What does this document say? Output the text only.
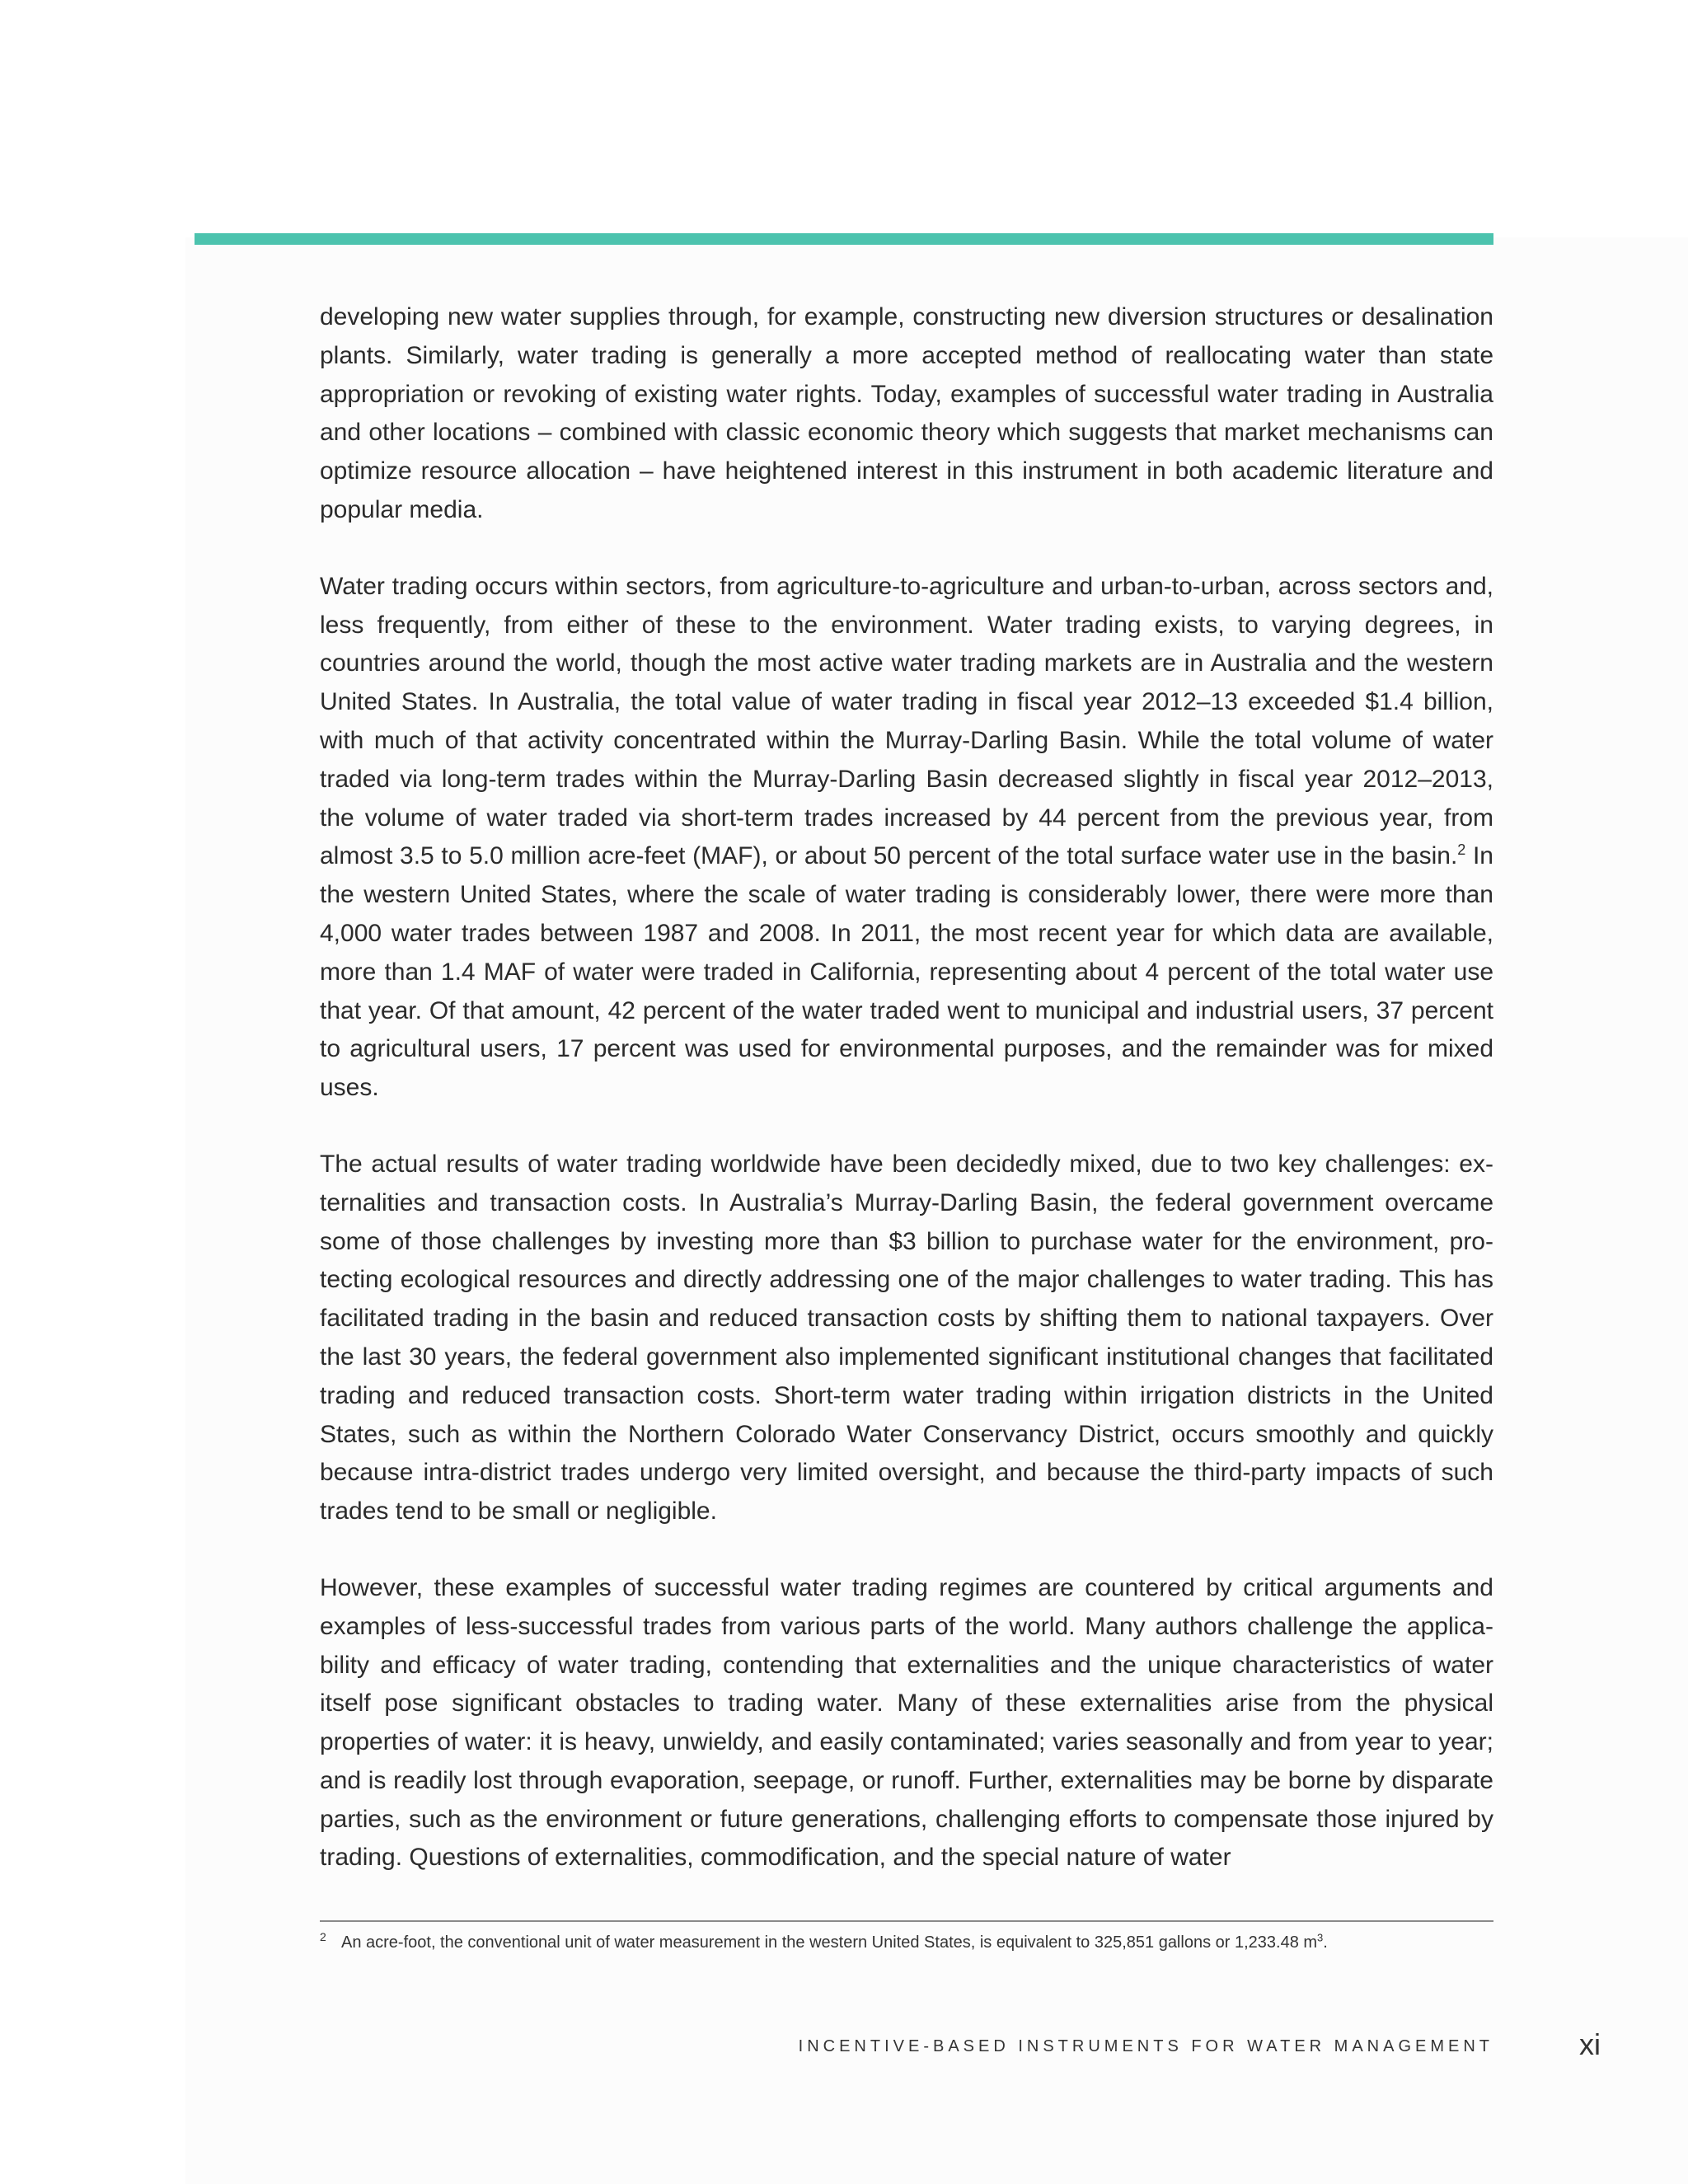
developing new water supplies through, for example, constructing new diversion structures or desalination plants. Similarly, water trading is generally a more accepted method of reallocating water than state appropriation or revoking of existing water rights. Today, examples of successful water trading in Australia and other locations – combined with classic economic theory which suggests that market mechanisms can optimize resource allocation – have heightened interest in this instrument in both academic literature and popular media.

Water trading occurs within sectors, from agriculture-to-agriculture and urban-to-urban, across sectors and, less frequently, from either of these to the environment. Water trading exists, to varying degrees, in countries around the world, though the most active water trading markets are in Australia and the western United States. In Australia, the total value of water trading in fiscal year 2012–13 exceeded $1.4 billion, with much of that activity concentrated within the Murray-Darling Basin. While the total volume of water traded via long-term trades within the Murray-Darling Basin decreased slightly in fiscal year 2012–2013, the volume of water traded via short-term trades increased by 44 percent from the previous year, from almost 3.5 to 5.0 million acre-feet (MAF), or about 50 percent of the total surface water use in the basin.$^2$ In the western United States, where the scale of water trading is considerably lower, there were more than 4,000 water trades between 1987 and 2008. In 2011, the most recent year for which data are available, more than 1.4 MAF of water were traded in California, representing about 4 percent of the total water use that year. Of that amount, 42 percent of the water traded went to municipal and industrial users, 37 percent to agricultural users, 17 percent was used for environmental purposes, and the remainder was for mixed uses.

The actual results of water trading worldwide have been decidedly mixed, due to two key challenges: externalities and transaction costs. In Australia’s Murray-Darling Basin, the federal government overcame some of those challenges by investing more than $3 billion to purchase water for the environment, protecting ecological resources and directly addressing one of the major challenges to water trading. This has facilitated trading in the basin and reduced transaction costs by shifting them to national taxpayers. Over the last 30 years, the federal government also implemented significant institutional changes that facilitated trading and reduced transaction costs. Short-term water trading within irrigation districts in the United States, such as within the Northern Colorado Water Conservancy District, occurs smoothly and quickly because intra-district trades undergo very limited oversight, and because the third-party impacts of such trades tend to be small or negligible.

However, these examples of successful water trading regimes are countered by critical arguments and examples of less-successful trades from various parts of the world. Many authors challenge the applicability and efficacy of water trading, contending that externalities and the unique characteristics of water itself pose significant obstacles to trading water. Many of these externalities arise from the physical properties of water: it is heavy, unwieldy, and easily contaminated; varies seasonally and from year to year; and is readily lost through evaporation, seepage, or runoff. Further, externalities may be borne by disparate parties, such as the environment or future generations, challenging efforts to compensate those injured by trading. Questions of externalities, commodification, and the special nature of water

2 An acre-foot, the conventional unit of water measurement in the western United States, is equivalent to 325,851 gallons or 1,233.48 $m^3$.
INCENTIVE-BASED INSTRUMENTS FOR WATER MANAGEMENT	xi
